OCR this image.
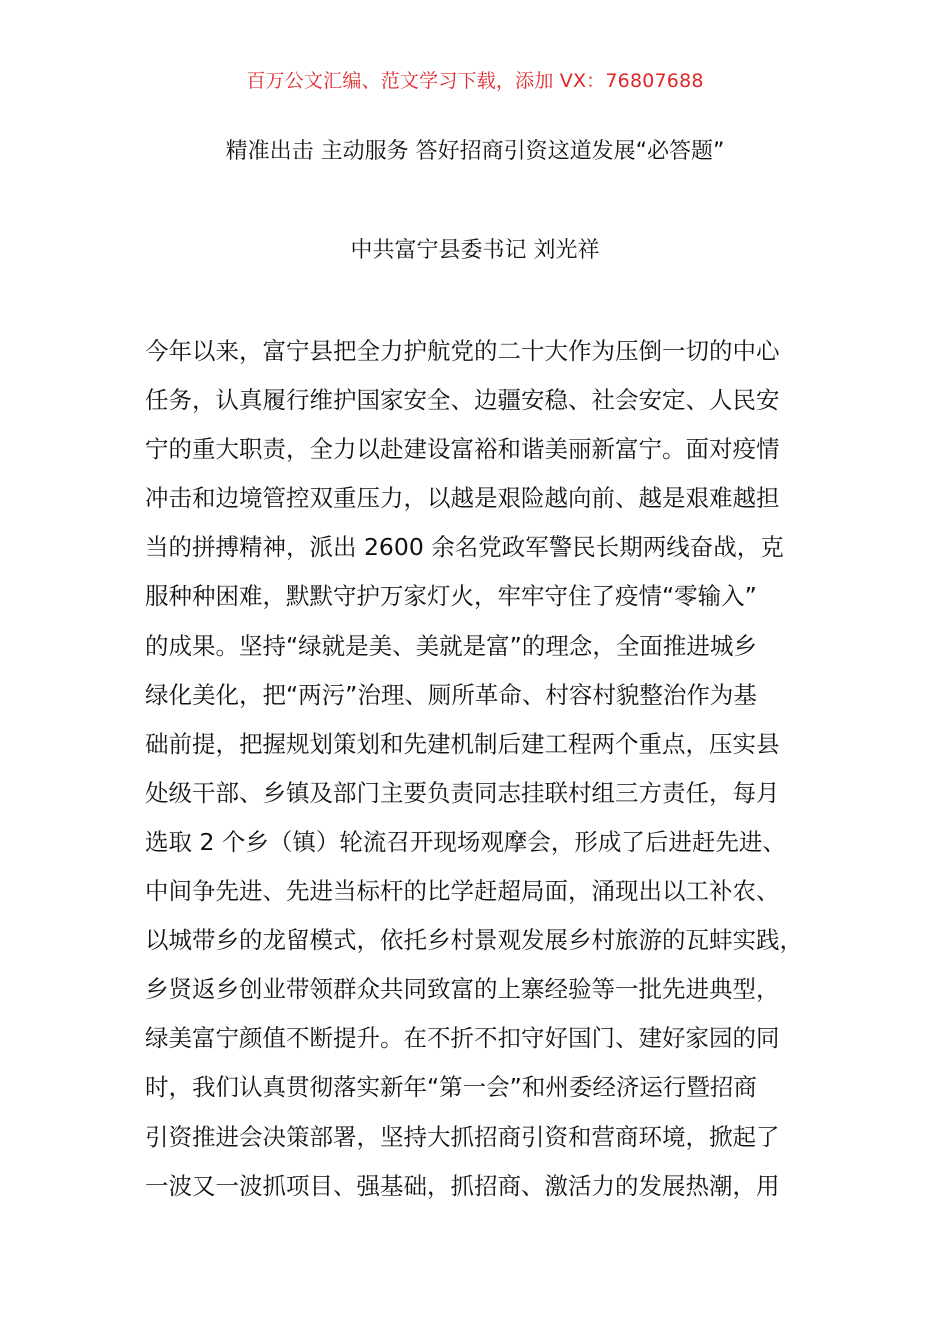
百万公文汇编、范文学习下载，添加 VX：76807688
精准出击 主动服务 答好招商引资这道发展“必答题”
中共富宁县委书记 刘光祥
今年以来，富宁县把全力护航党的二十大作为压倒一切的中心
任务，认真履行维护国家安全、边疆安稳、社会安定、人民安
宁的重大职责，全力以赴建设富裕和谐美丽新富宁。面对疫情
冲击和边境管控双重压力，以越是艰险越向前、越是艰难越担
当的拼搏精神，派出 2600 余名党政军警民长期两线奋战，克
服种种困难，默默守护万家灯火，牢牢守住了疫情“零输入”
的成果。坚持“绿就是美、美就是富”的理念，全面推进城乡
绿化美化，把“两污”治理、厕所革命、村容村貌整治作为基
础前提，把握规划策划和先建机制后建工程两个重点，压实县
处级干部、乡镇及部门主要负责同志挂联村组三方责任，每月
选取 2 个乡（镇）轮流召开现场观摩会，形成了后进赶先进、
中间争先进、先进当标杆的比学赶超局面，涌现出以工补农、
以城带乡的龙留模式，依托乡村景观发展乡村旅游的瓦蚌实践，
乡贤返乡创业带领群众共同致富的上寨经验等一批先进典型，
绿美富宁颜值不断提升。在不折不扣守好国门、建好家园的同
时，我们认真贯彻落实新年“第一会”和州委经济运行暨招商
引资推进会决策部署，坚持大抓招商引资和营商环境，掀起了
一波又一波抓项目、强基础，抓招商、激活力的发展热潮，用
